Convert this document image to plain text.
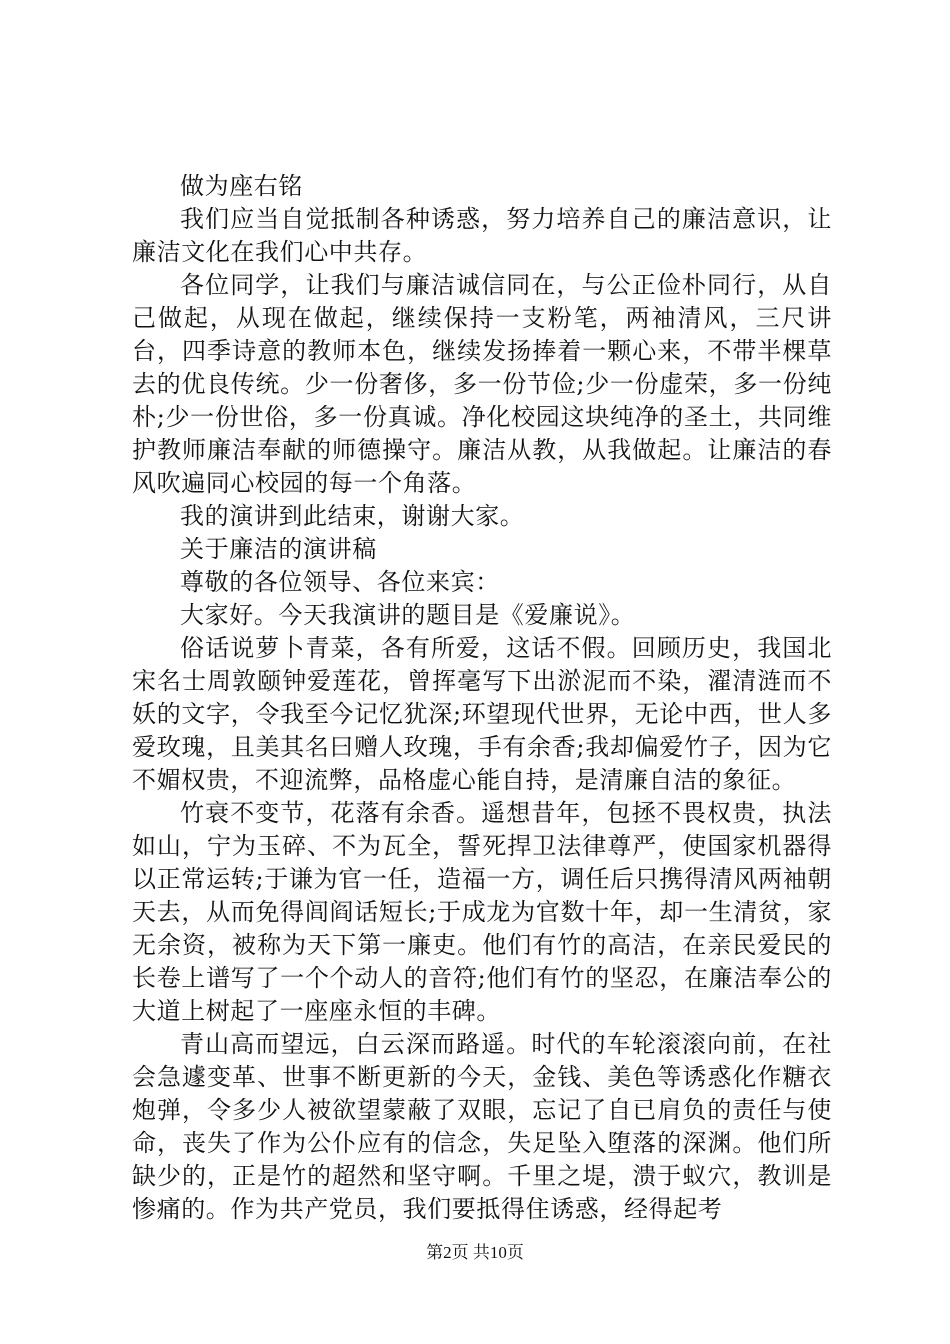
做为座右铭

我们应当自觉抵制各种诱惑，努力培养自己的廉洁意识，让廉洁文化在我们心中共存。

各位同学，让我们与廉洁诚信同在，与公正俭朴同行，从自己做起，从现在做起，继续保持一支粉笔，两袖清风，三尺讲台，四季诗意的教师本色，继续发扬捧着一颗心来，不带半棵草去的优良传统。少一份奢侈，多一份节俭;少一份虚荣，多一份纯朴;少一份世俗，多一份真诚。净化校园这块纯净的圣土，共同维护教师廉洁奉献的师德操守。廉洁从教，从我做起。让廉洁的春风吹遍同心校园的每一个角落。

我的演讲到此结束，谢谢大家。

关于廉洁的演讲稿

尊敬的各位领导、各位来宾：

大家好。今天我演讲的题目是《爱廉说》。

俗话说萝卜青菜，各有所爱，这话不假。回顾历史，我国北宋名士周敦颐钟爱莲花，曾挥毫写下出淤泥而不染，濯清涟而不妖的文字，令我至今记忆犹深;环望现代世界，无论中西，世人多爱玫瑰，且美其名曰赠人玫瑰，手有余香;我却偏爱竹子，因为它不媚权贵，不迎流弊，品格虚心能自持，是清廉自洁的象征。

竹衰不变节，花落有余香。遥想昔年，包拯不畏权贵，执法如山，宁为玉碎、不为瓦全，誓死捍卫法律尊严，使国家机器得以正常运转;于谦为官一任，造福一方，调任后只携得清风两袖朝天去，从而免得闾阎话短长;于成龙为官数十年，却一生清贫，家无余资，被称为天下第一廉吏。他们有竹的高洁，在亲民爱民的长卷上谱写了一个个动人的音符;他们有竹的坚忍，在廉洁奉公的大道上树起了一座座永恒的丰碑。

青山高而望远，白云深而路遥。时代的车轮滚滚向前，在社会急遽变革、世事不断更新的今天，金钱、美色等诱惑化作糖衣炮弹，令多少人被欲望蒙蔽了双眼，忘记了自已肩负的责任与使命，丧失了作为公仆应有的信念，失足坠入堕落的深渊。他们所缺少的，正是竹的超然和坚守啊。千里之堤，溃于蚁穴，教训是惨痛的。作为共产党员，我们要抵得住诱惑，经得起考

第2页 共10页
